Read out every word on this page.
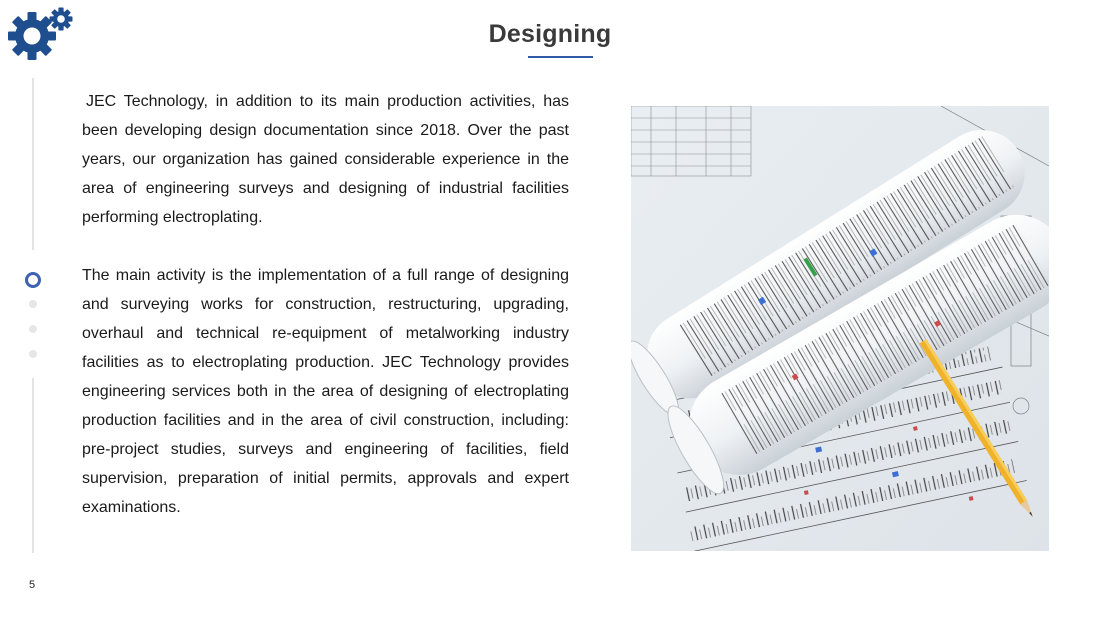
Designing
5

JEC Technology, in addition to its main production activities, has been developing design documentation since 2018. Over the past years, our organization has gained considerable experience in the area of engineering surveys and designing of industrial facilities performing electroplating.

The main activity is the implementation of a full range of designing and surveying works for construction, restructuring, upgrading, overhaul and technical re-equipment of metalworking industry facilities as to electroplating production. JEC Technology provides engineering services both in the area of designing of electroplating production facilities and in the area of civil construction, including: pre-project studies, surveys and engineering of facilities, field supervision, preparation of initial permits, approvals and expert examinations.
